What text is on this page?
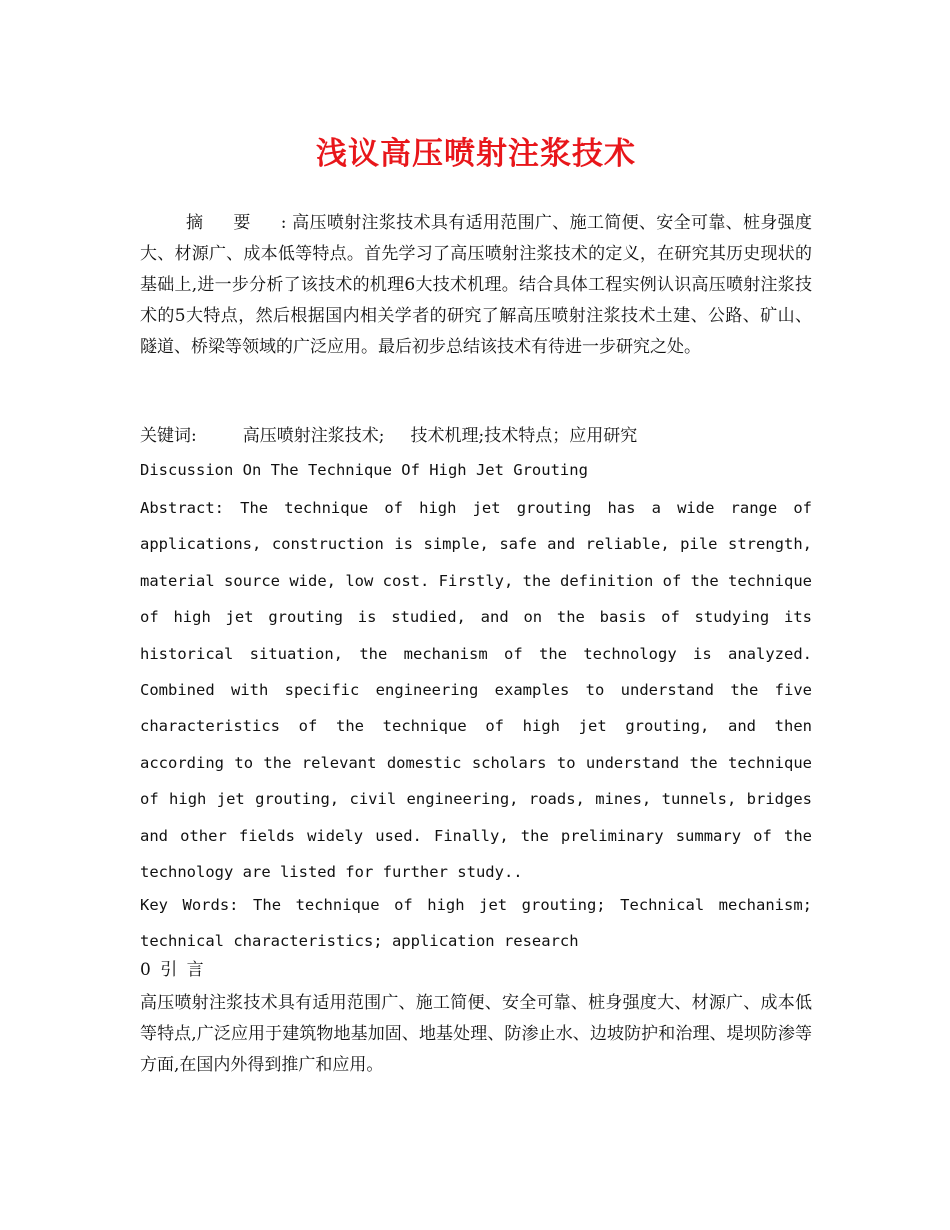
浅议高压喷射注浆技术

摘要: 高压喷射注浆技术具有适用范围广、施工简便、安全可靠、桩身强度大、材源广、成本低等特点。首先学习了高压喷射注浆技术的定义，在研究其历史现状的基础上,进一步分析了该技术的机理6大技术机理。结合具体工程实例认识高压喷射注浆技术的5大特点，然后根据国内相关学者的研究了解高压喷射注浆技术土建、公路、矿山、隧道、桥梁等领域的广泛应用。最后初步总结该技术有待进一步研究之处。

关键词:	高压喷射注浆技术; 技术机理;技术特点；应用研究

Discussion On The Technique Of High Jet Grouting

Abstract: The technique of high jet grouting has a wide range of applications, construction is simple, safe and reliable, pile strength, material source wide, low cost. Firstly, the definition of the technique of high jet grouting is studied, and on the basis of studying its historical situation, the mechanism of the technology is analyzed. Combined with specific engineering examples to understand the five characteristics of the technique of high jet grouting, and then according to the relevant domestic scholars to understand the technique of high jet grouting, civil engineering, roads, mines, tunnels, bridges and other fields widely used. Finally, the preliminary summary of the technology are listed for further study..

Key Words: The technique of high jet grouting; Technical mechanism; technical characteristics; application research

0 引 言

高压喷射注浆技术具有适用范围广、施工简便、安全可靠、桩身强度大、材源广、成本低等特点,广泛应用于建筑物地基加固、地基处理、防渗止水、边坡防护和治理、堤坝防渗等方面,在国内外得到推广和应用。
